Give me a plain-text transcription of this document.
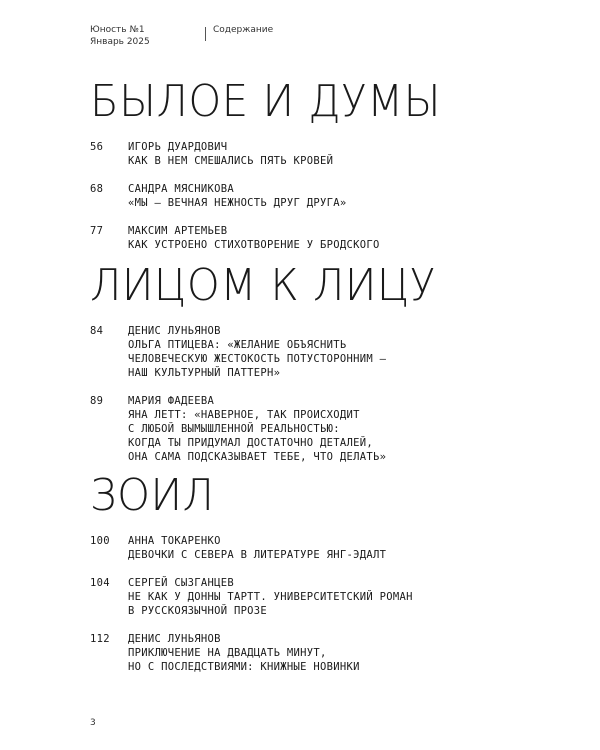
Юность №1
Январь 2025
Содержание
БЫЛОЕ И ДУМЫ
56	ИГОРЬ ДУАРДОВИЧ
КАК В НЕМ СМЕШАЛИСЬ ПЯТЬ КРОВЕЙ
68	САНДРА МЯСНИКОВА
«МЫ — ВЕЧНАЯ НЕЖНОСТЬ ДРУГ ДРУГА»
77	МАКСИМ АРТЕМЬЕВ
КАК УСТРОЕНО СТИХОТВОРЕНИЕ У БРОДСКОГО
ЛИЦОМ К ЛИЦУ
84	ДЕНИС ЛУНЬЯНОВ
ОЛЬГА ПТИЦЕВА: «ЖЕЛАНИЕ ОБЪЯСНИТЬ
ЧЕЛОВЕЧЕСКУЮ ЖЕСТОКОСТЬ ПОТУСТОРОННИМ —
НАШ КУЛЬТУРНЫЙ ПАТТЕРН»
89	МАРИЯ ФАДЕЕВА
ЯНА ЛЕТТ: «НАВЕРНОЕ, ТАК ПРОИСХОДИТ
С ЛЮБОЙ ВЫМЫШЛЕННОЙ РЕАЛЬНОСТЬЮ:
КОГДА ТЫ ПРИДУМАЛ ДОСТАТОЧНО ДЕТАЛЕЙ,
ОНА САМА ПОДСКАЗЫВАЕТ ТЕБЕ, ЧТО ДЕЛАТЬ»
ЗОИЛ
100	АННА ТОКАРЕНКО
ДЕВОЧКИ С СЕВЕРА В ЛИТЕРАТУРЕ ЯНГ-ЭДАЛТ
104	СЕРГЕЙ СЫЗГАНЦЕВ
НЕ КАК У ДОННЫ ТАРТТ. УНИВЕРСИТЕТСКИЙ РОМАН
В РУССКОЯЗЫЧНОЙ ПРОЗЕ
112	ДЕНИС ЛУНЬЯНОВ
ПРИКЛЮЧЕНИЕ НА ДВАДЦАТЬ МИНУТ,
НО С ПОСЛЕДСТВИЯМИ: КНИЖНЫЕ НОВИНКИ
3
